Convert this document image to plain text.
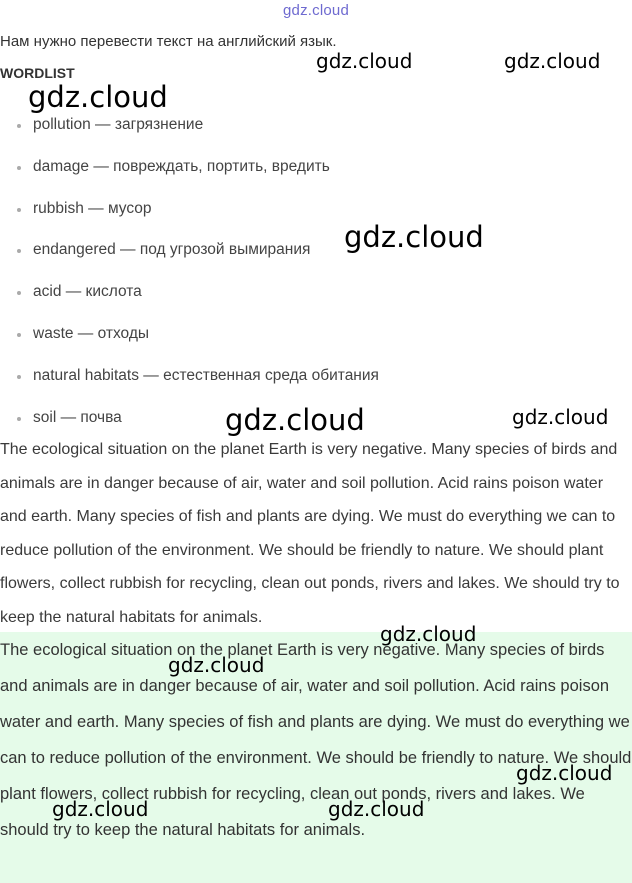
gdz.cloud
Нам нужно перевести текст на английский язык.
WORDLIST
pollution — загрязнение
damage — повреждать, портить, вредить
rubbish — мусор
endangered — под угрозой вымирания
acid — кислота
waste — отходы
natural habitats — естественная среда обитания
soil — почва

The ecological situation on the planet Earth is very negative. Many species of birds and animals are in danger because of air, water and soil pollution. Acid rains poison water and earth. Many species of fish and plants are dying. We must do everything we can to reduce pollution of the environment. We should be friendly to nature. We should plant flowers, collect rubbish for recycling, clean out ponds, rivers and lakes. We should try to keep the natural habitats for animals.

The ecological situation on the planet Earth is very negative. Many species of birds and animals are in danger because of air, water and soil pollution. Acid rains poison water and earth. Many species of fish and plants are dying. We must do everything we can to reduce pollution of the environment. We should be friendly to nature. We should plant flowers, collect rubbish for recycling, clean out ponds, rivers and lakes. We should try to keep the natural habitats for animals.

gdz.cloud	gdz.cloud
gdz.cloud
gdz.cloud
gdz.cloud	gdz.cloud
gdz.cloud
gdz.cloud
gdz.cloud
gdz.cloud	gdz.cloud
